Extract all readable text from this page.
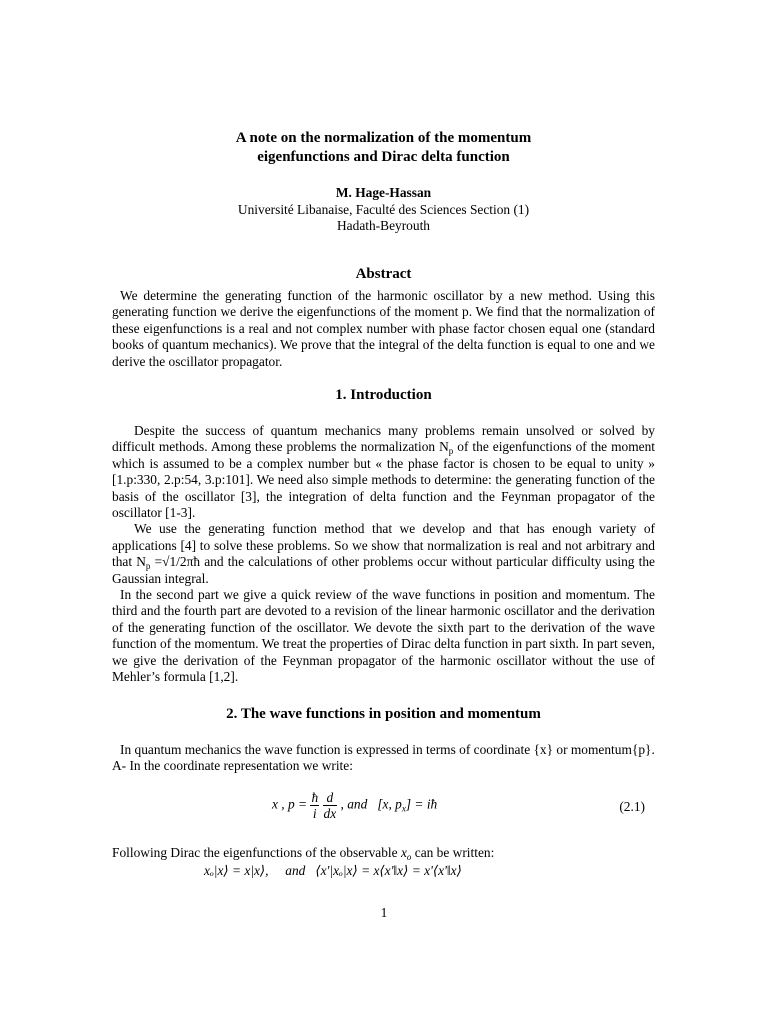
A note on the normalization of the momentum
eigenfunctions and Dirac delta function
M. Hage-Hassan
Université Libanaise, Faculté des Sciences Section (1)
Hadath-Beyrouth
Abstract

We determine the generating function of the harmonic oscillator by a new method. Using this generating function we derive the eigenfunctions of the moment p. We find that the normalization of these eigenfunctions is a real and not complex number with phase factor chosen equal one (standard books of quantum mechanics). We prove that the integral of the delta function is equal to one and we derive the oscillator propagator.

1. Introduction

Despite the success of quantum mechanics many problems remain unsolved or solved by difficult methods. Among these problems the normalization $N_p$ of the eigenfunctions of the moment which is assumed to be a complex number but « the phase factor is chosen to be equal to unity » [1.p:330, 2.p:54, 3.p:101]. We need also simple methods to determine: the generating function of the basis of the oscillator [3], the integration of delta function and the Feynman propagator of the oscillator [1-3].

We use the generating function method that we develop and that has enough variety of applications [4] to solve these problems. So we show that normalization is real and not arbitrary and that $N_p$ =√1/2πħ and the calculations of other problems occur without particular difficulty using the Gaussian integral.

In the second part we give a quick review of the wave functions in position and momentum. The third and the fourth part are devoted to a revision of the linear harmonic oscillator and the derivation of the generating function of the oscillator. We devote the sixth part to the derivation of the wave function of the momentum. We treat the properties of Dirac delta function in part sixth. In part seven, we give the derivation of the Feynman propagator of the harmonic oscillator without the use of Mehler’s formula [1,2].

2. The wave functions in position and momentum

In quantum mechanics the wave function is expressed in terms of coordinate {x} or momentum{p}.

A- In the coordinate representation we write:

x , $p = \frac{ħ}{i}$
$\frac{d}{dx}$ , and [x, $p_x$] = iħ	(2.1)
Following Dirac the eigenfunctions of the observable $x_o$ can be written:
xₒ|x⟩ = x|x⟩, and ⟨x'|xₒ|x⟩ = x⟨x'‖x⟩ = x'⟨x'‖x⟩
1
